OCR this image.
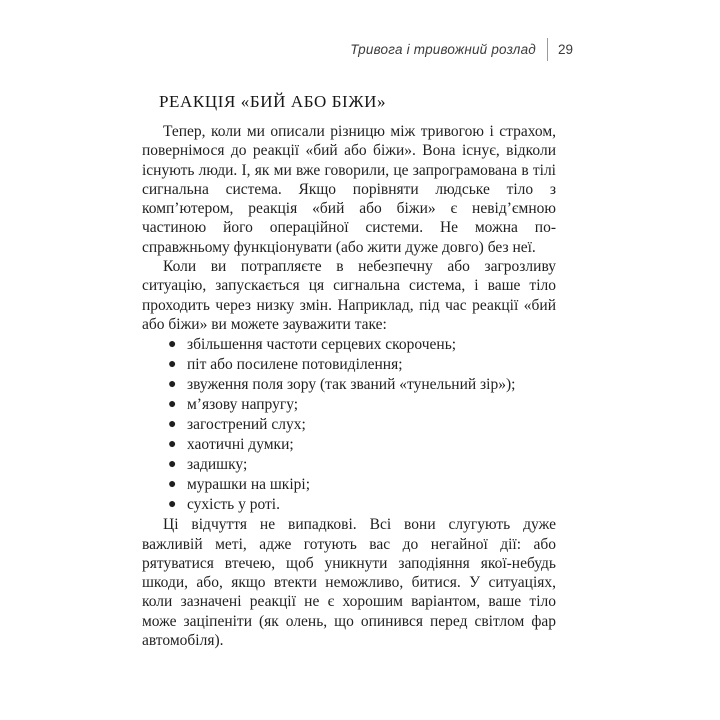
Тривога і тривожний розлад 29
РЕАКЦІЯ «БИЙ АБО БІЖИ»

Тепер, коли ми описали різницю між тривогою і страхом, повернімося до реакції «бий або біжи». Вона існує, відколи існують люди. І, як ми вже говорили, це запрограмована в тілі сигнальна система. Якщо порівняти людське тіло з комп’ютером, реакція «бий або біжи» є невід’ємною частиною його операційної системи. Не можна по-справжньому функціонувати (або жити дуже довго) без неї.

Коли ви потрапляєте в небезпечну або загрозливу ситуацію, запускається ця сигнальна система, і ваше тіло проходить через низку змін. Наприклад, під час реакції «бий або біжи» ви можете зауважити таке:

● збільшення частоти серцевих скорочень;
● піт або посилене потовиділення;
● звуження поля зору (так званий «тунельний зір»);
● м’язову напругу;
● загострений слух;
● хаотичні думки;
● задишку;
● мурашки на шкірі;
● сухість у роті.

Ці відчуття не випадкові. Всі вони слугують дуже важливій меті, адже готують вас до негайної дії: або рятуватися втечею, щоб уникнути заподіяння якої-небудь шкоди, або, якщо втекти неможливо, битися. У ситуаціях, коли зазначені реакції не є хорошим варіантом, ваше тіло може заціпеніти (як олень, що опинився перед світлом фар автомобіля).
